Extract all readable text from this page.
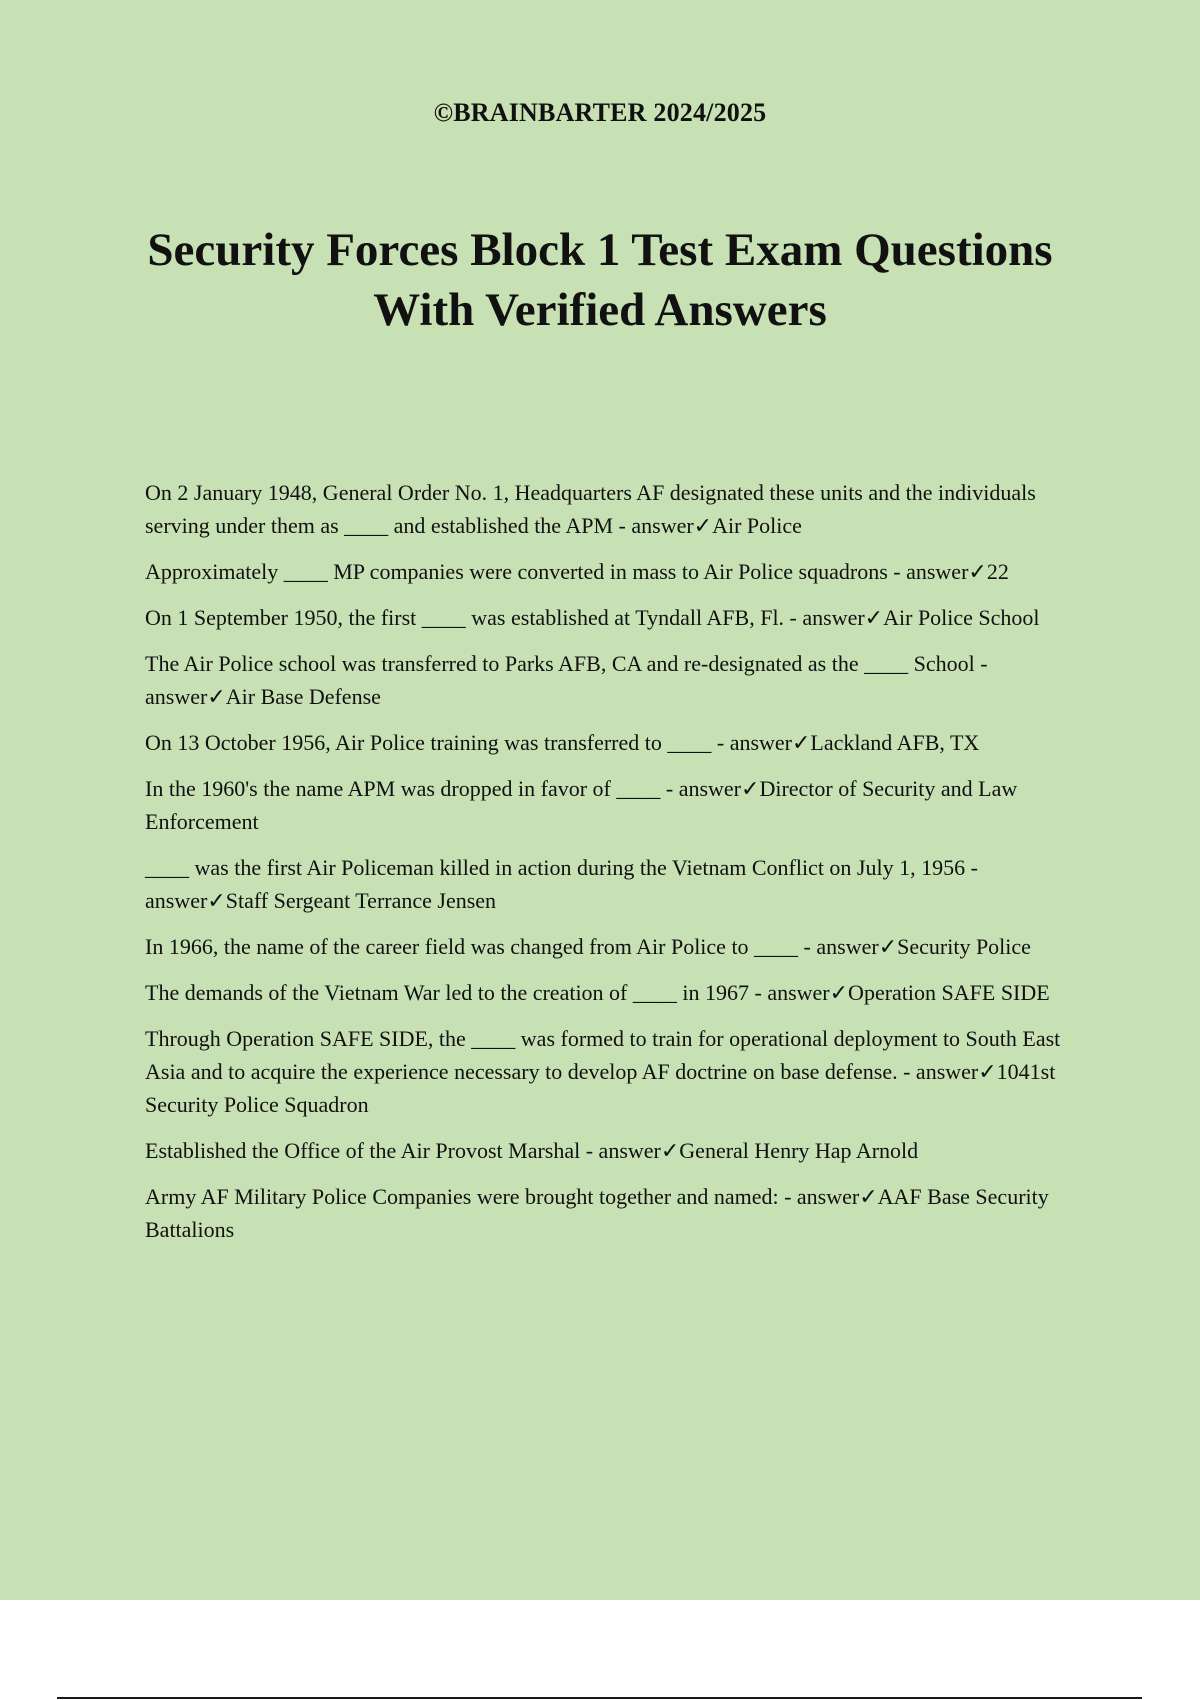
©BRAINBARTER 2024/2025
Security Forces Block 1 Test Exam Questions
With Verified Answers
On 2 January 1948, General Order No. 1, Headquarters AF designated these units and the individuals serving under them as ____ and established the APM - answer✓Air Police
Approximately ____ MP companies were converted in mass to Air Police squadrons - answer✓22
On 1 September 1950, the first ____ was established at Tyndall AFB, Fl. - answer✓Air Police School
The Air Police school was transferred to Parks AFB, CA and re-designated as the ____ School - answer✓Air Base Defense
On 13 October 1956, Air Police training was transferred to ____ - answer✓Lackland AFB, TX
In the 1960's the name APM was dropped in favor of ____ - answer✓Director of Security and Law Enforcement
____ was the first Air Policeman killed in action during the Vietnam Conflict on July 1, 1956 - answer✓Staff Sergeant Terrance Jensen
In 1966, the name of the career field was changed from Air Police to ____ - answer✓Security Police
The demands of the Vietnam War led to the creation of ____ in 1967 - answer✓Operation SAFE SIDE
Through Operation SAFE SIDE, the ____ was formed to train for operational deployment to South East Asia and to acquire the experience necessary to develop AF doctrine on base defense. - answer✓1041st Security Police Squadron
Established the Office of the Air Provost Marshal - answer✓General Henry Hap Arnold
Army AF Military Police Companies were brought together and named: - answer✓AAF Base Security Battalions
